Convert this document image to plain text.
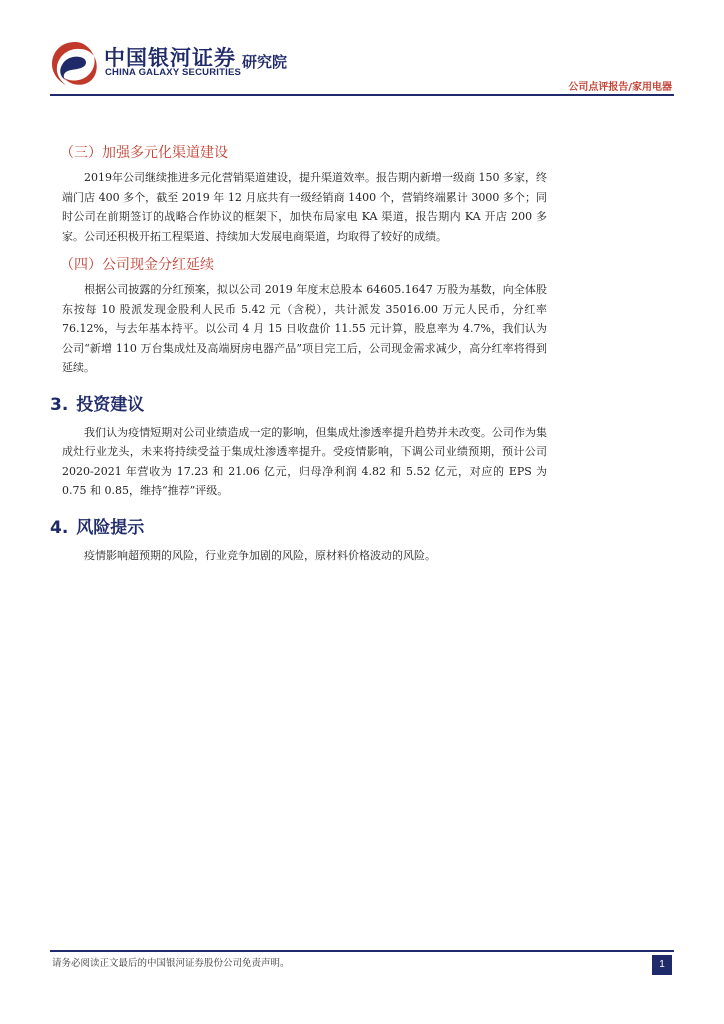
中国银河证券
CHINA GALAXY SECURITIES
研究院
公司点评报告/家用电器
（三）加强多元化渠道建设

2019年公司继续推进多元化营销渠道建设，提升渠道效率。报告期内新增一级商 150 多家，终端门店 400 多个，截至 2019 年 12 月底共有一级经销商 1400 个，营销终端累计 3000 多个；同时公司在前期签订的战略合作协议的框架下，加快布局家电 KA 渠道，报告期内 KA 开店 200 多家。公司还积极开拓工程渠道、持续加大发展电商渠道，均取得了较好的成绩。

（四）公司现金分红延续

根据公司披露的分红预案，拟以公司 2019 年度末总股本 64605.1647 万股为基数，向全体股东按每 10 股派发现金股利人民币 5.42 元（含税），共计派发 35016.00 万元人民币，分红率 76.12%，与去年基本持平。以公司 4 月 15 日收盘价 11.55 元计算，股息率为 4.7%，我们认为公司“新增 110 万台集成灶及高端厨房电器产品”项目完工后，公司现金需求减少，高分红率将得到延续。

3. 投资建议

我们认为疫情短期对公司业绩造成一定的影响，但集成灶渗透率提升趋势并未改变。公司作为集成灶行业龙头，未来将持续受益于集成灶渗透率提升。受疫情影响，下调公司业绩预期，预计公司 2020-2021 年营收为 17.23 和 21.06 亿元，归母净利润 4.82 和 5.52 亿元，对应的 EPS 为 0.75 和 0.85，维持“推荐”评级。

4. 风险提示

疫情影响超预期的风险，行业竞争加剧的风险，原材料价格波动的风险。

请务必阅读正文最后的中国银河证券股份公司免责声明。	1
